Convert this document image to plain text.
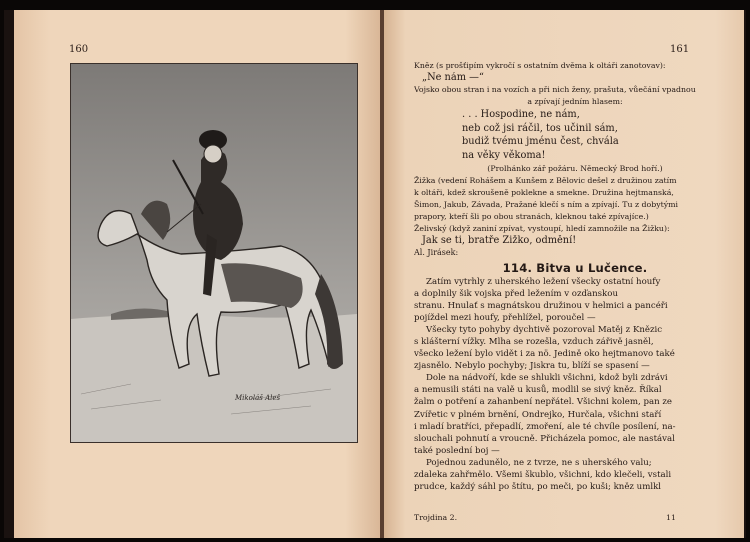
160
Mikoláš Aleš
161
Kněz (s prošťipím vykročí s ostatním dvěma k oltáři zanotovav):
„Ne nám —“
Vojsko obou stran i na vozích a při nich ženy, prašuta, vůečání vpadnou
a zpívají jedním hlasem:
. . . Hospodine, ne nám,
neb což jsi ráčil, tos učinil sám,
budiž tvému jménu čest, chvála
na věky věkoma!
(Prolhánko zář požáru. Německý Brod hoří.)
Žižka (vedení Rohášem a Kunšem z Bělovic dešel z družinou zatím
k oltáři, kdež skroušeně poklekne a smekne. Družina hejtmanská,
Šimon, Jakub, Závada, Pražané klečí s ním a zpívají. Tu z dobytými
prapory, kteří šli po obou stranách, kleknou také zpívajíce.)
Želivský (když zaniní zpívat, vystoupí, hledí zamnožile na Žižku):
Jak se ti, bratře Žižko, odmění!
Al. Jirásek:
114. Bitva u Lučence.
Zatím vytrhly z uherského ležení všecky ostatní houfy
a doplnily šik vojska před ležením v ozďanskou
stranu. Hnulať s magnátskou družinou v helmici a pancéři
pojíždel mezi houfy, přehlížel, poroučel —
Všecky tyto pohyby dychtivě pozoroval Matěj z Knězic
s klášterní vížky. Mlha se rozešla, vzduch zářivě jasněl,
všecko ležení bylo vidět i za nö. Jedině oko hejtmanovo také
zjasnělo. Nebylo pochyby; Jiskra tu, blíží se spasení —
Dole na nádvoří, kde se shlukli všichni, kdož byli zdrávi
a nemusili státi na valě u kusů, modlil se sivý kněz. Říkal
žalm o potření a zahanbení nepřátel. Všichni kolem, pan ze
Zvířetic v plném brnění, Ondrejko, Hurčala, všichni staří
i mladí bratříci, přepadlí, zmoření, ale té chvíle posílení, na-
slouchali pohnutí a vroucně. Přicházela pomoc, ale nastával
také poslední boj —
Pojednou zadunělo, ne z tvrze, ne s uherského valu;
zdaleka zahřmělo. Všemi škublo, všichni, kdo klečeli, vstali
prudce, každý sáhl po štítu, po meči, po kuši; kněz umlkl
Trojdina 2.	11
